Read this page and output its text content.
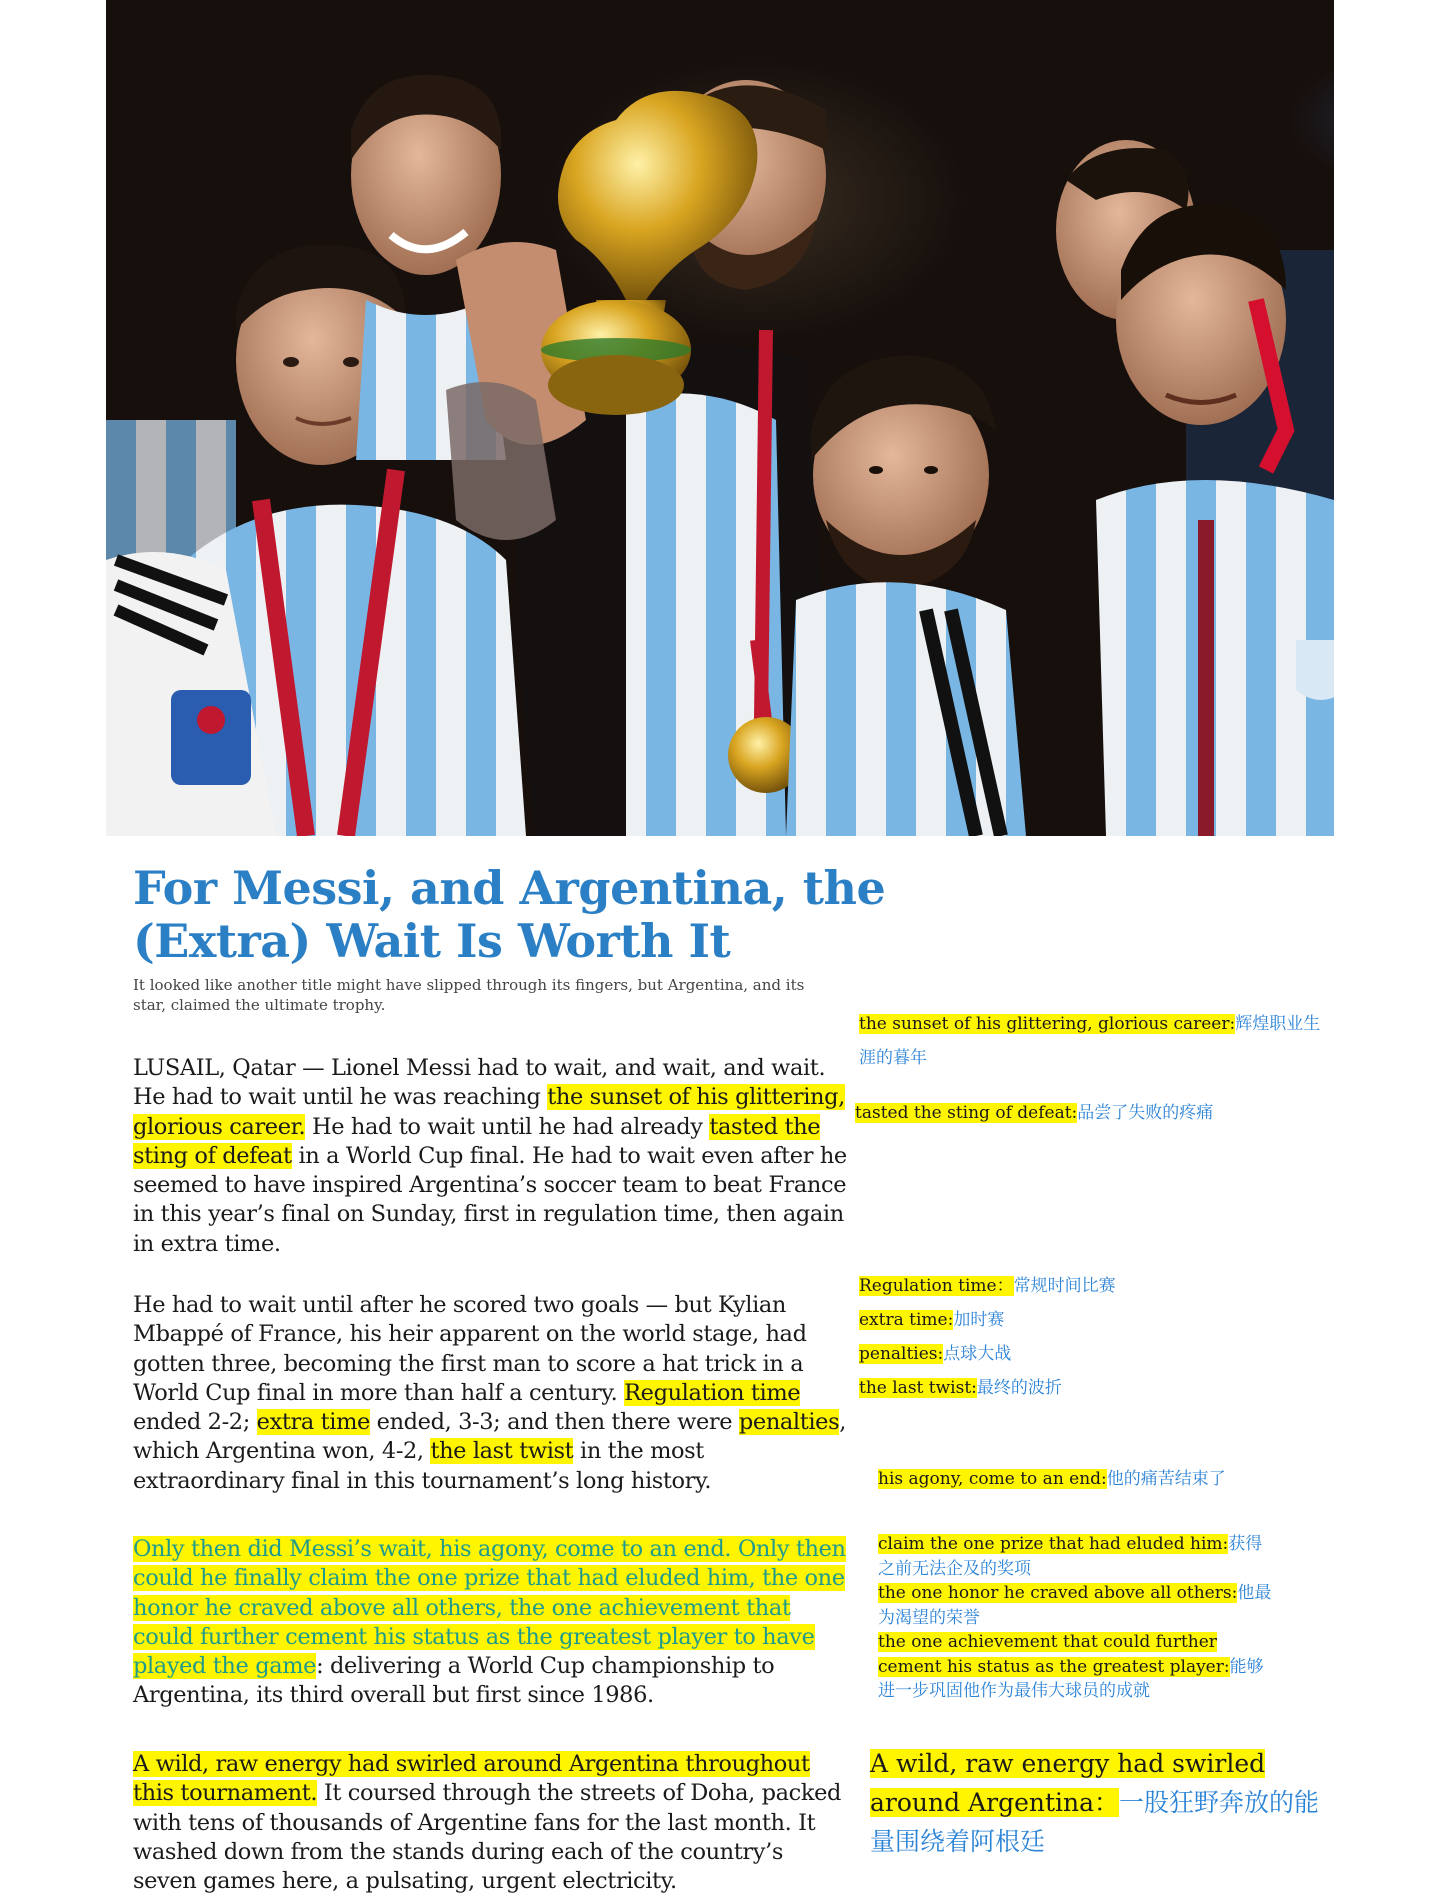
For Messi, and Argentina, the (Extra) Wait Is Worth It

It looked like another title might have slipped through its fingers, but Argentina, and its star, claimed the ultimate trophy.

LUSAIL, Qatar — Lionel Messi had to wait, and wait, and wait. He had to wait until he was reaching the sunset of his glittering, glorious career. He had to wait until he had already tasted the sting of defeat in a World Cup final. He had to wait even after he seemed to have inspired Argentina’s soccer team to beat France in this year’s final on Sunday, first in regulation time, then again in extra time.

He had to wait until after he scored two goals — but Kylian Mbappé of France, his heir apparent on the world stage, had gotten three, becoming the first man to score a hat trick in a World Cup final in more than half a century. Regulation time ended 2-2; extra time ended, 3-3; and then there were penalties, which Argentina won, 4-2, the last twist in the most extraordinary final in this tournament’s long history.

Only then did Messi’s wait, his agony, come to an end. Only then could he finally claim the one prize that had eluded him, the one honor he craved above all others, the one achievement that could further cement his status as the greatest player to have played the game: delivering a World Cup championship to Argentina, its third overall but first since 1986.

A wild, raw energy had swirled around Argentina throughout this tournament. It coursed through the streets of Doha, packed with tens of thousands of Argentine fans for the last month. It washed down from the stands during each of the country’s seven games here, a pulsating, urgent electricity.

the sunset of his glittering, glorious career:辉煌职业生涯的暮年

tasted the sting of defeat:品尝了失败的疼痛

Regulation time：常规时间比赛
extra time:加时赛
penalties:点球大战
the last twist:最终的波折

his agony, come to an end:他的痛苦结束了

claim the one prize that had eluded him:获得之前无法企及的奖项
the one honor he craved above all others:他最为渴望的荣誉
the one achievement that could further cement his status as the greatest player:能够进一步巩固他作为最伟大球员的成就

A wild, raw energy had swirled around Argentina：一股狂野奔放的能量围绕着阿根廷
